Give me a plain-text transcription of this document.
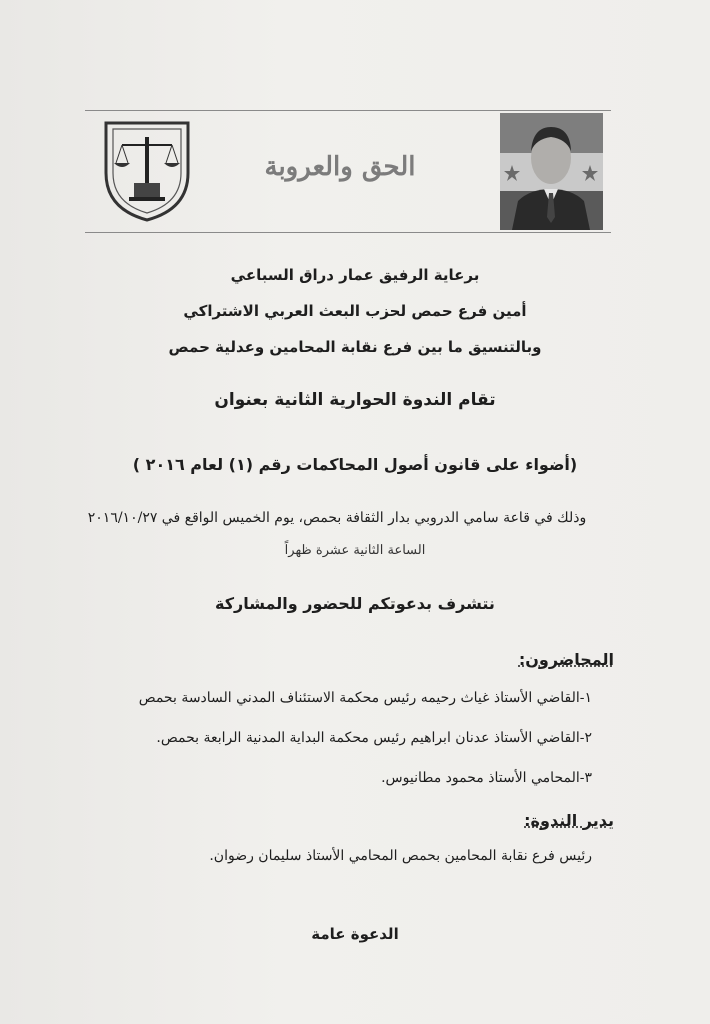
الحق والعروبة
برعاية الرفيق عمار دراق السباعي
أمين فرع حمص لحزب البعث العربي الاشتراكي
وبالتنسيق ما بين فرع نقابة المحامين وعدلية حمص
تقام الندوة الحوارية الثانية بعنوان
(أضواء على قانون أصول المحاكمات رقم (١) لعام ٢٠١٦ )
وذلك في قاعة سامي الدروبي بدار الثقافة بحمص، يوم الخميس الواقع في ٢٠١٦/١٠/٢٧
الساعة الثانية عشرة ظهراً
نتشرف بدعوتكم للحضور والمشاركة
المحاضرون:
١-القاضي الأستاذ غياث رحيمه رئيس محكمة الاستئناف المدني السادسة بحمص
٢-القاضي الأستاذ عدنان ابراهيم رئيس محكمة البداية المدنية الرابعة بحمص.
٣-المحامي الأستاذ محمود مطانيوس.
يدير الندوة:
رئيس فرع نقابة المحامين بحمص المحامي الأستاذ سليمان رضوان.
الدعوة عامة
